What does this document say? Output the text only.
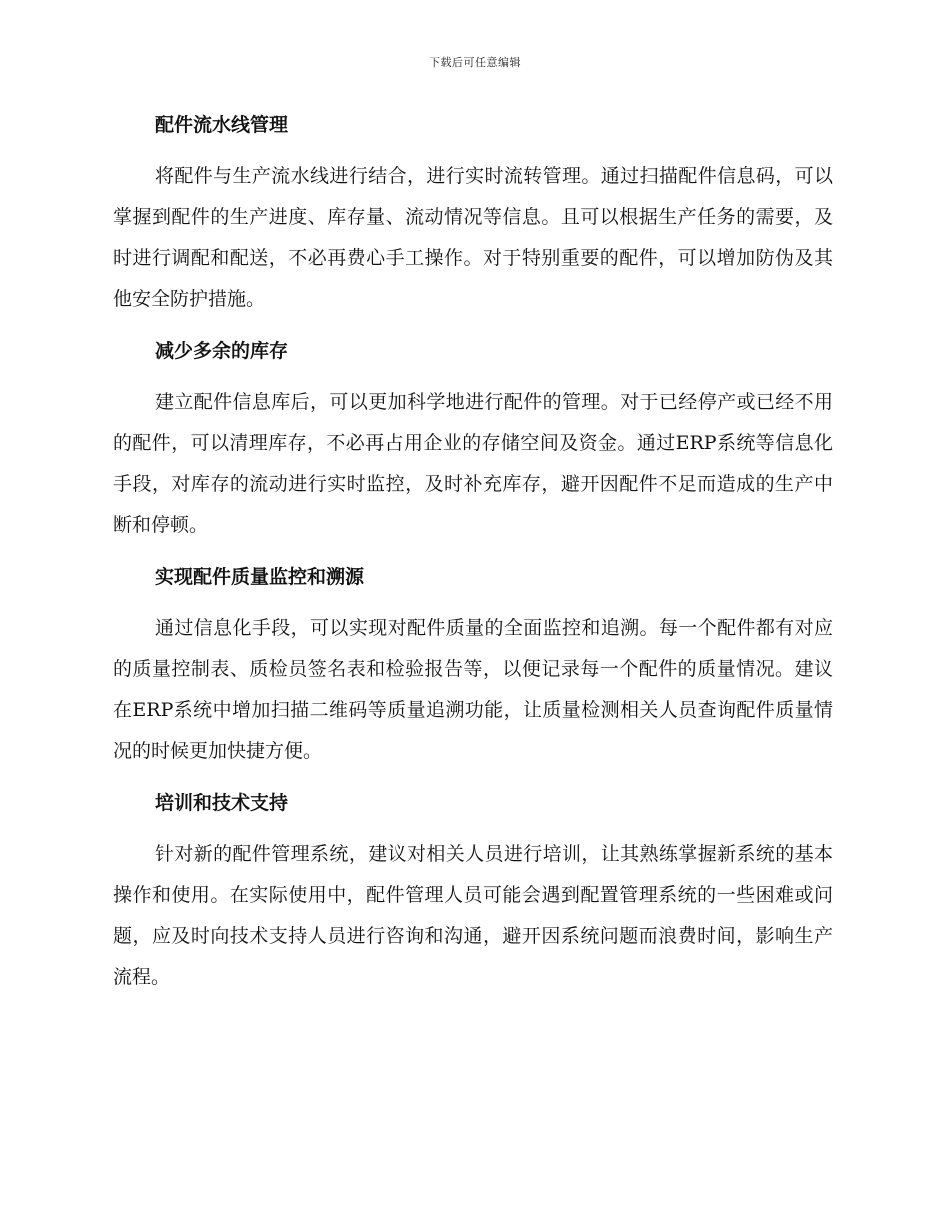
下载后可任意编辑
配件流水线管理

将配件与生产流水线进行结合，进行实时流转管理。通过扫描配件信息码，可以掌握到配件的生产进度、库存量、流动情况等信息。且可以根据生产任务的需要，及时进行调配和配送，不必再费心手工操作。对于特别重要的配件，可以增加防伪及其他安全防护措施。

减少多余的库存

建立配件信息库后，可以更加科学地进行配件的管理。对于已经停产或已经不用的配件，可以清理库存，不必再占用企业的存储空间及资金。通过ERP系统等信息化手段，对库存的流动进行实时监控，及时补充库存，避开因配件不足而造成的生产中断和停顿。

实现配件质量监控和溯源

通过信息化手段，可以实现对配件质量的全面监控和追溯。每一个配件都有对应的质量控制表、质检员签名表和检验报告等，以便记录每一个配件的质量情况。建议在ERP系统中增加扫描二维码等质量追溯功能，让质量检测相关人员查询配件质量情况的时候更加快捷方便。

培训和技术支持

针对新的配件管理系统，建议对相关人员进行培训，让其熟练掌握新系统的基本操作和使用。在实际使用中，配件管理人员可能会遇到配置管理系统的一些困难或问题，应及时向技术支持人员进行咨询和沟通，避开因系统问题而浪费时间，影响生产流程。
